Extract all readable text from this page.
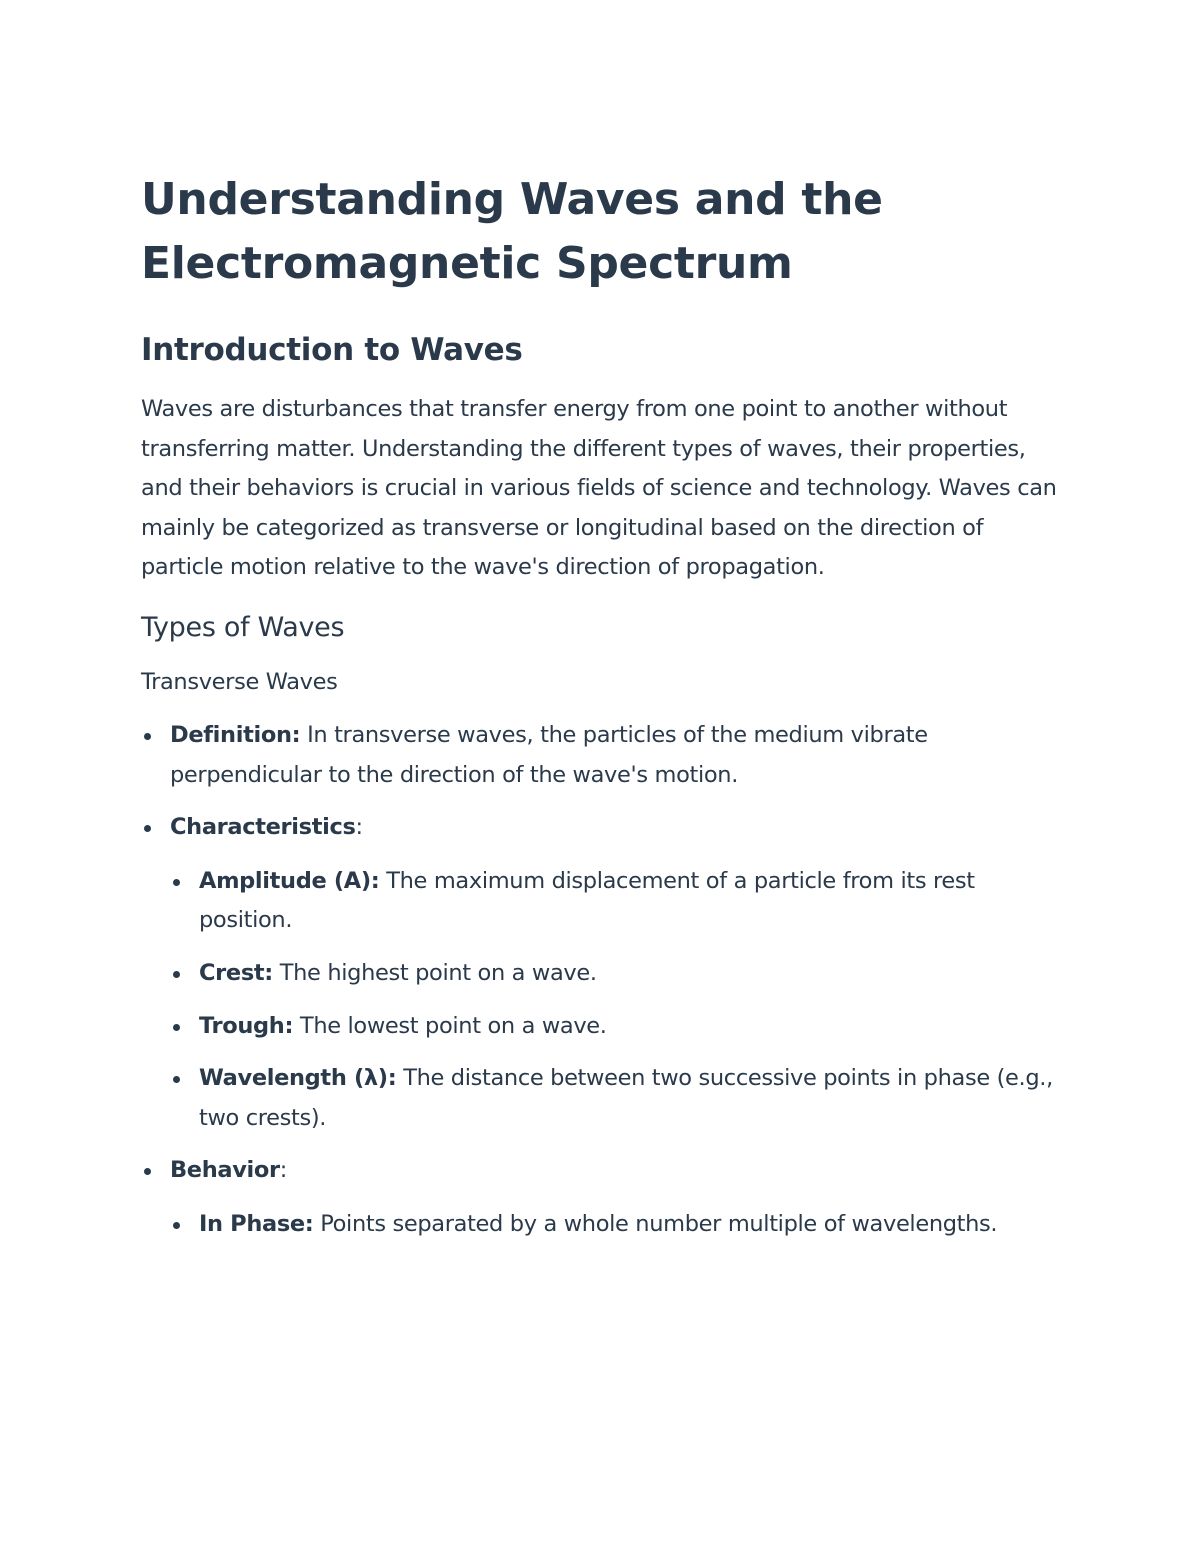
Understanding Waves and the
Electromagnetic Spectrum
Introduction to Waves

Waves are disturbances that transfer energy from one point to another without transferring matter. Understanding the different types of waves, their properties, and their behaviors is crucial in various fields of science and technology. Waves can mainly be categorized as transverse or longitudinal based on the direction of particle motion relative to the wave's direction of propagation.

Types of Waves
Transverse Waves
Definition: In transverse waves, the particles of the medium vibrate perpendicular to the direction of the wave's motion.
Characteristics:
Amplitude (A): The maximum displacement of a particle from its rest position.
Crest: The highest point on a wave.
Trough: The lowest point on a wave.
Wavelength (λ): The distance between two successive points in phase (e.g., two crests).
Behavior:
In Phase: Points separated by a whole number multiple of wavelengths.
